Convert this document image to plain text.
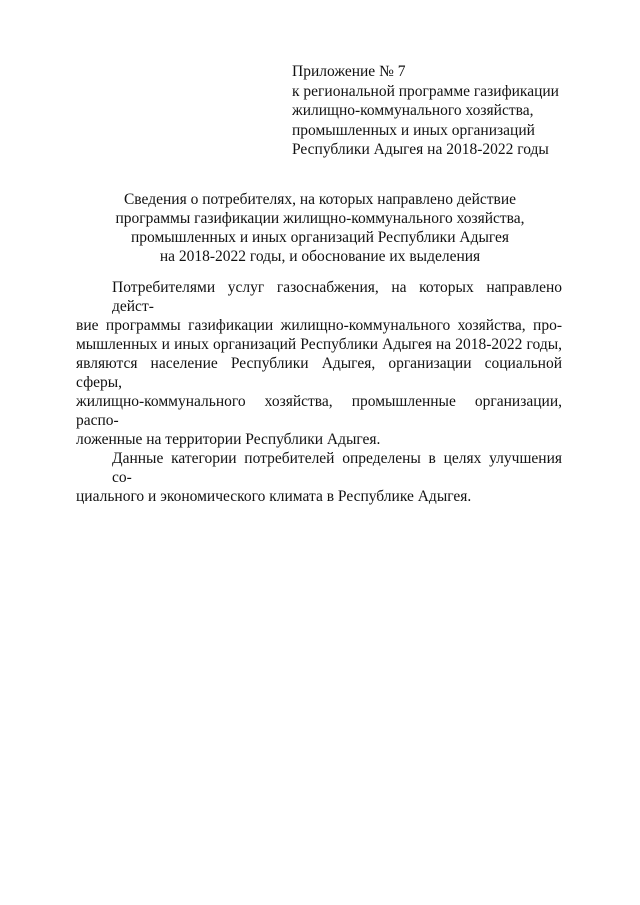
Приложение № 7
к региональной программе газификации
жилищно-коммунального хозяйства,
промышленных и иных организаций
Республики Адыгея на 2018-2022 годы
Сведения о потребителях, на которых направлено действие
программы газификации жилищно-коммунального хозяйства,
промышленных и иных организаций Республики Адыгея
на 2018-2022 годы, и обоснование их выделения
Потребителями услуг газоснабжения, на которых направлено дейст-
вие программы газификации жилищно-коммунального хозяйства, про-
мышленных и иных организаций Республики Адыгея на 2018-2022 годы,
являются население Республики Адыгея, организации социальной сферы,
жилищно-коммунального хозяйства, промышленные организации, распо-
ложенные на территории Республики Адыгея.
Данные категории потребителей определены в целях улучшения со-
циального и экономического климата в Республике Адыгея.
